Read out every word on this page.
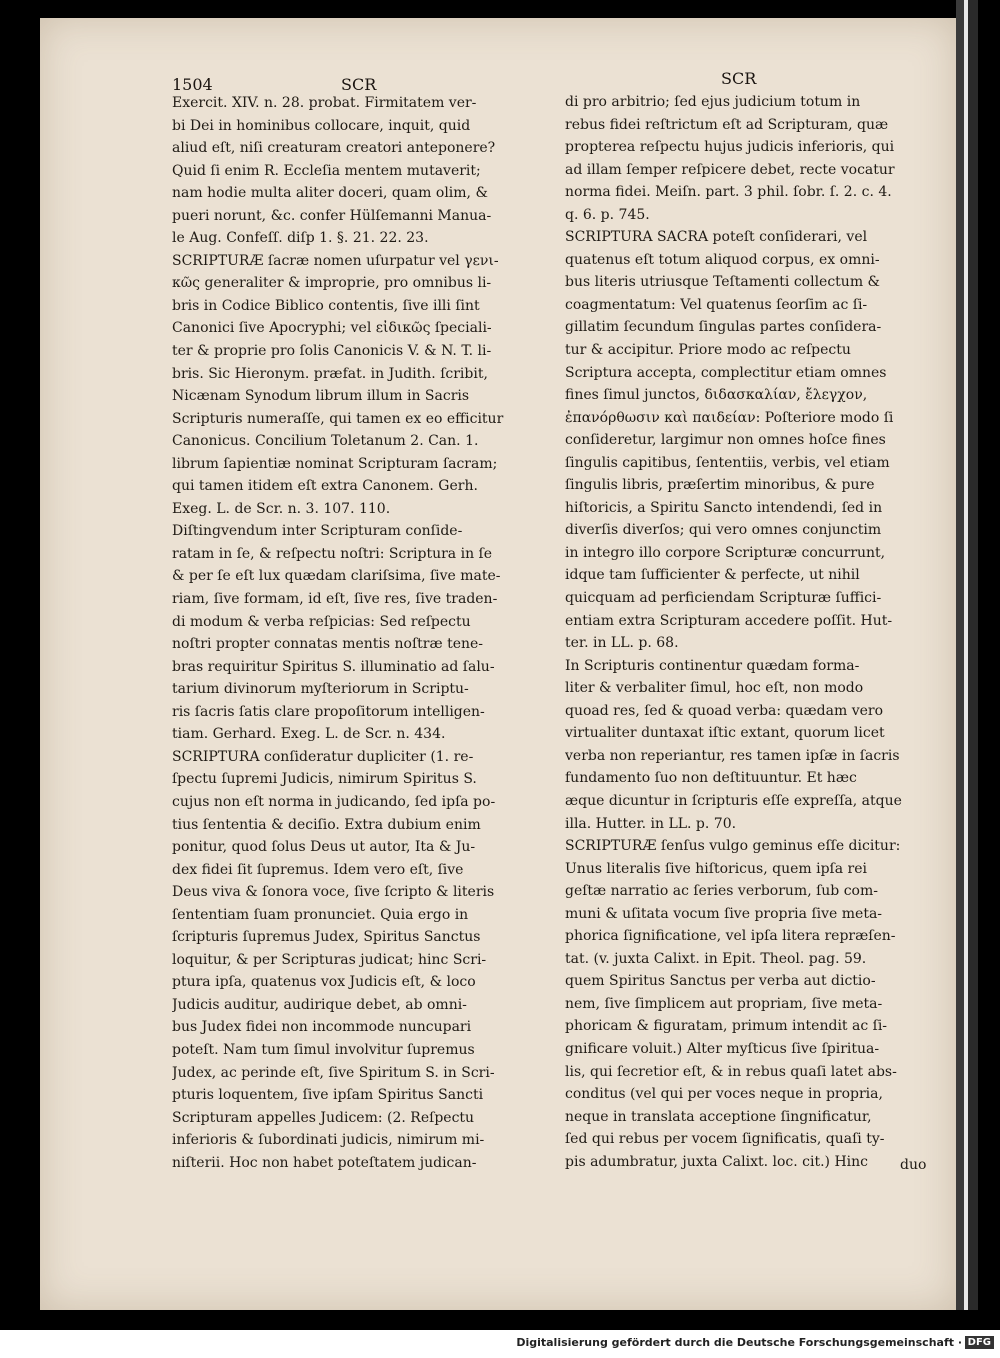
1504	SCR	SCR
Exercit. XIV. n. 28. probat. Firmitatem ver-
bi Dei in hominibus collocare, inquit, quid
aliud eſt, niſi creaturam creatori anteponere?
Quid ſi enim R. Eccleſia mentem mutaverit;
nam hodie multa aliter doceri, quam olim, &
pueri norunt, &c. confer Hülſemanni Manua-
le Aug. Confeſſ. diſp 1. §. 21. 22. 23.
SCRIPTURÆ ſacræ nomen uſurpatur vel γενι-
κῶς generaliter & improprie, pro omnibus li-
bris in Codice Biblico contentis, ſive illi ſint
Canonici ſive Apocryphi; vel εἰδικῶς ſpeciali-
ter & proprie pro ſolis Canonicis V. & N. T. li-
bris. Sic Hieronym. præfat. in Judith. ſcribit,
Nicænam Synodum librum illum in Sacris
Scripturis numeraſſe, qui tamen ex eo efficitur
Canonicus. Concilium Toletanum 2. Can. 1.
librum ſapientiæ nominat Scripturam ſacram;
qui tamen itidem eſt extra Canonem. Gerh.
Exeg. L. de Scr. n. 3. 107. 110.
Diſtingvendum inter Scripturam conſide-
ratam in ſe, & reſpectu noſtri: Scriptura in ſe
& per ſe eſt lux quædam clariſsima, ſive mate-
riam, ſive formam, id eſt, ſive res, ſive traden-
di modum & verba reſpicias: Sed reſpectu
noſtri propter connatas mentis noſtræ tene-
bras requiritur Spiritus S. illuminatio ad ſalu-
tarium divinorum myſteriorum in Scriptu-
ris ſacris ſatis clare propoſitorum intelligen-
tiam. Gerhard. Exeg. L. de Scr. n. 434.
SCRIPTURA conſideratur dupliciter (1. re-
ſpectu ſupremi Judicis, nimirum Spiritus S.
cujus non eſt norma in judicando, ſed ipſa po-
tius ſententia & deciſio. Extra dubium enim
ponitur, quod ſolus Deus ut autor, Ita & Ju-
dex fidei ſit ſupremus. Idem vero eſt, ſive
Deus viva & ſonora voce, ſive ſcripto & literis
ſententiam ſuam pronunciet. Quia ergo in
ſcripturis ſupremus Judex, Spiritus Sanctus
loquitur, & per Scripturas judicat; hinc Scri-
ptura ipſa, quatenus vox Judicis eſt, & loco
Judicis auditur, audirique debet, ab omni-
bus Judex fidei non incommode nuncupari
poteſt. Nam tum ſimul involvitur ſupremus
Judex, ac perinde eſt, ſive Spiritum S. in Scri-
pturis loquentem, ſive ipſam Spiritus Sancti
Scripturam appelles Judicem: (2. Reſpectu
inferioris & ſubordinati judicis, nimirum mi-
niſterii. Hoc non habet poteſtatem judican-
di pro arbitrio; ſed ejus judicium totum in
rebus fidei reſtrictum eſt ad Scripturam, quæ
propterea reſpectu hujus judicis inferioris, qui
ad illam ſemper reſpicere debet, recte vocatur
norma fidei. Meiſn. part. 3 phil. ſobr. ſ. 2. c. 4.
q. 6. p. 745.
SCRIPTURA SACRA poteſt conſiderari, vel
quatenus eſt totum aliquod corpus, ex omni-
bus literis utriusque Teſtamenti collectum &
coagmentatum: Vel quatenus ſeorſim ac ſi-
gillatim ſecundum ſingulas partes conſidera-
tur & accipitur. Priore modo ac reſpectu
Scriptura accepta, complectitur etiam omnes
fines ſimul junctos, διδασκαλίαν, ἔλεγχον,
ἐπανόρθωσιν καὶ παιδείαν: Poſteriore modo ſi
conſideretur, largimur non omnes hoſce fines
ſingulis capitibus, ſententiis, verbis, vel etiam
ſingulis libris, præſertim minoribus, & pure
hiſtoricis, a Spiritu Sancto intendendi, ſed in
diverſis diverſos; qui vero omnes conjunctim
in integro illo corpore Scripturæ concurrunt,
idque tam ſufficienter & perfecte, ut nihil
quicquam ad perficiendam Scripturæ ſuffici-
entiam extra Scripturam accedere poſſit. Hut-
ter. in LL. p. 68.
In Scripturis continentur quædam forma-
liter & verbaliter ſimul, hoc eſt, non modo
quoad res, ſed & quoad verba: quædam vero
virtualiter duntaxat iſtic extant, quorum licet
verba non reperiantur, res tamen ipſæ in ſacris
fundamento ſuo non deſtituuntur. Et hæc
æque dicuntur in ſcripturis eſſe expreſſa, atque
illa. Hutter. in LL. p. 70.
SCRIPTURÆ ſenſus vulgo geminus eſſe dicitur:
Unus literalis ſive hiſtoricus, quem ipſa rei
geſtæ narratio ac ſeries verborum, ſub com-
muni & uſitata vocum ſive propria ſive meta-
phorica ſignificatione, vel ipſa litera repræſen-
tat. (v. juxta Calixt. in Epit. Theol. pag. 59.
quem Spiritus Sanctus per verba aut dictio-
nem, ſive ſimplicem aut propriam, ſive meta-
phoricam & figuratam, primum intendit ac ſi-
gnificare voluit.) Alter myſticus ſive ſpiritua-
lis, qui ſecretior eſt, & in rebus quaſi latet abs-
conditus (vel qui per voces neque in propria,
neque in translata acceptione ſingnificatur,
ſed qui rebus per vocem ſignificatis, quaſi ty-
pis adumbratur, juxta Calixt. loc. cit.) Hinc	duo
Digitalisierung gefördert durch die Deutsche Forschungsgemeinschaft · DFG
